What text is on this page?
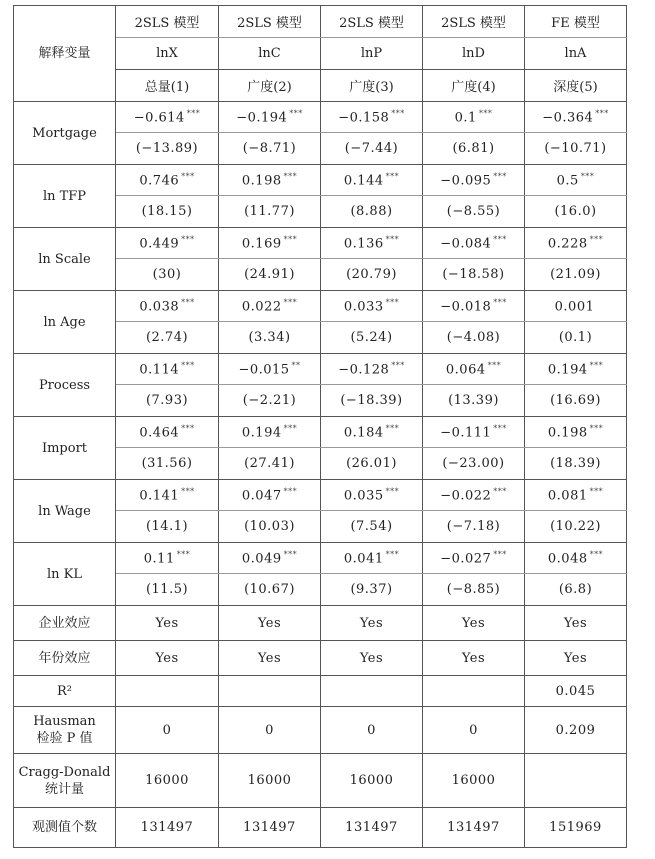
解释变量	2SLS 模型	2SLS 模型	2SLS 模型	2SLS 模型	FE 模型
	lnX	lnC	lnP	lnD	lnA
	总量(1)	广度(2)	广度(3)	广度(4)	深度(5)
Mortgage	−0.614 ***	−0.194 ***	−0.158 ***	0.1 ***	−0.364 ***
	(−13.89)	(−8.71)	(−7.44)	(6.81)	(−10.71)
ln TFP	0.746 ***	0.198 ***	0.144 ***	−0.095 ***	0.5 ***
	(18.15)	(11.77)	(8.88)	(−8.55)	(16.0)
ln Scale	0.449 ***	0.169 ***	0.136 ***	−0.084 ***	0.228 ***
	(30)	(24.91)	(20.79)	(−18.58)	(21.09)
ln Age	0.038 ***	0.022 ***	0.033 ***	−0.018 ***	0.001
	(2.74)	(3.34)	(5.24)	(−4.08)	(0.1)
Process	0.114 ***	−0.015 **	−0.128 ***	0.064 ***	0.194 ***
	(7.93)	(−2.21)	(−18.39)	(13.39)	(16.69)
Import	0.464 ***	0.194 ***	0.184 ***	−0.111 ***	0.198 ***
	(31.56)	(27.41)	(26.01)	(−23.00)	(18.39)
ln Wage	0.141 ***	0.047 ***	0.035 ***	−0.022 ***	0.081 ***
	(14.1)	(10.03)	(7.54)	(−7.18)	(10.22)
ln KL	0.11 ***	0.049 ***	0.041 ***	−0.027 ***	0.048 ***
	(11.5)	(10.67)	(9.37)	(−8.85)	(6.8)
企业效应	Yes	Yes	Yes	Yes	Yes
年份效应	Yes	Yes	Yes	Yes	Yes
R²					0.045

Hausman
检验 P 值	0	0	0	0	0.209

Cragg-Donald
统计量	16000	16000	16000	16000	
观测值个数	131497	131497	131497	131497	151969
